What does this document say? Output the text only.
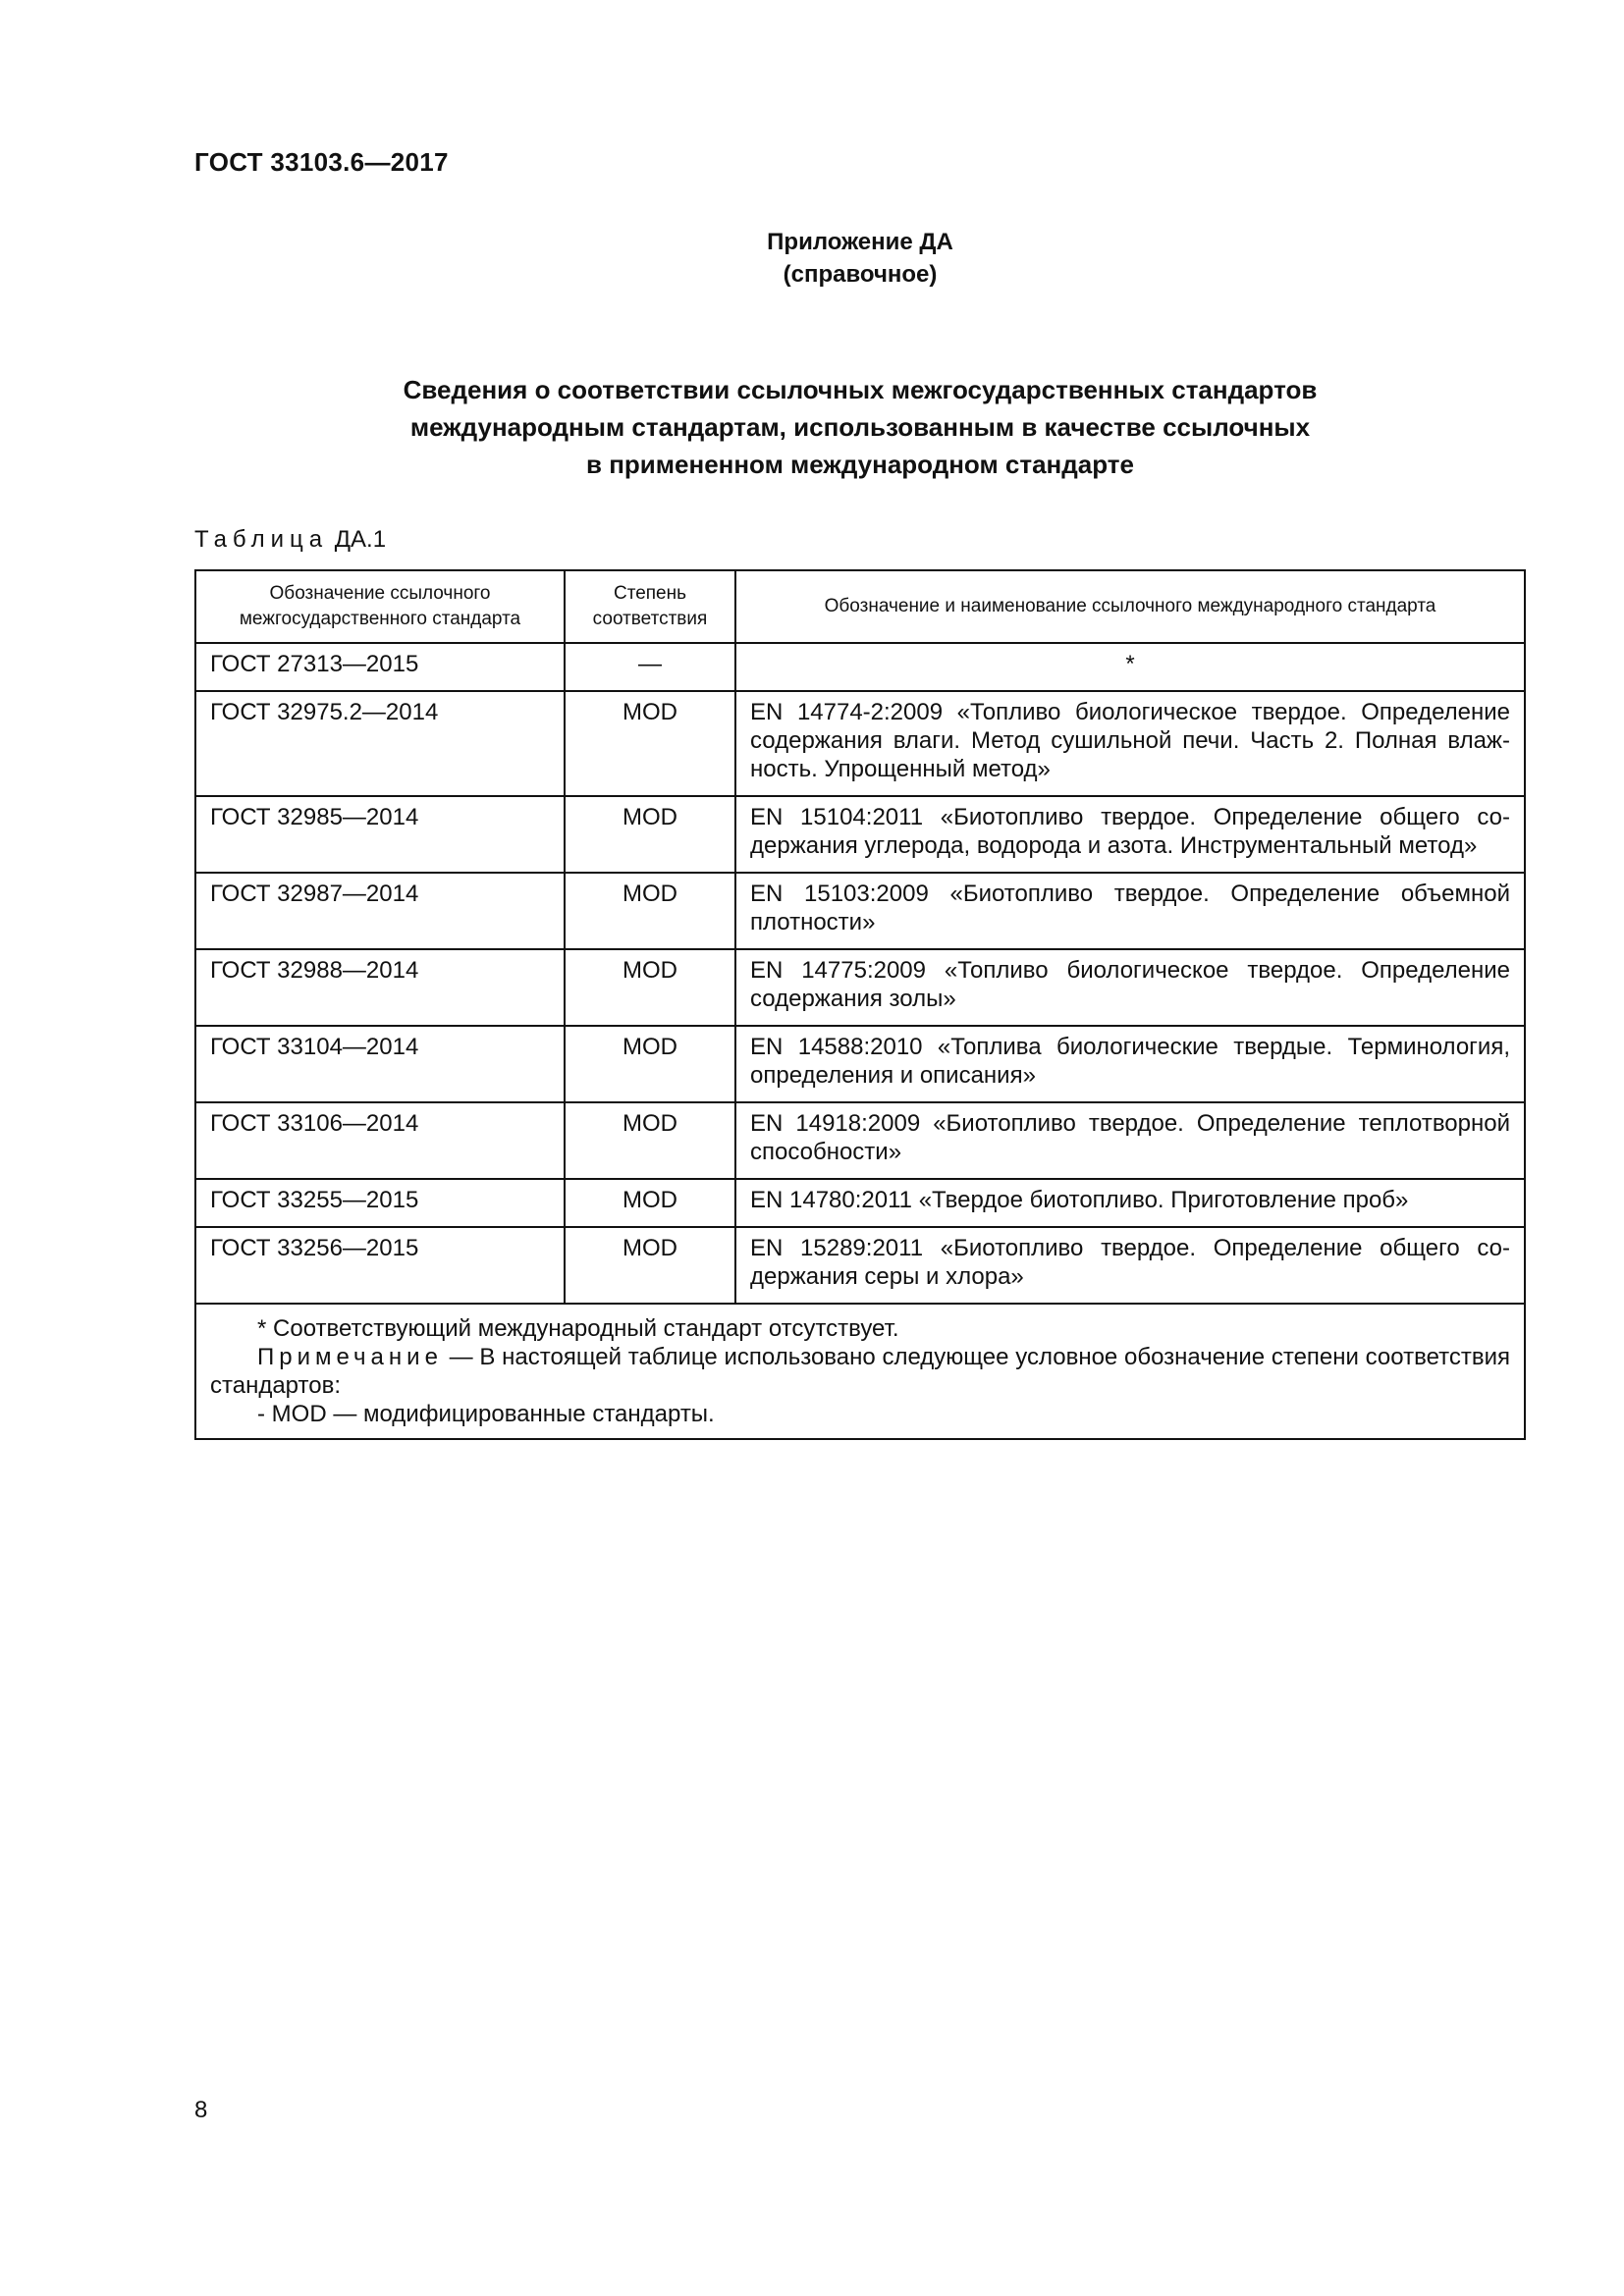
ГОСТ 33103.6—2017
Приложение ДА
(справочное)
Сведения о соответствии ссылочных межгосударственных стандартов
международным стандартам, использованным в качестве ссылочных
в примененном международном стандарте
Таблица ДА.1
Обозначение ссылочного межгосударственного стандарта	Степень соответствия	Обозначение и наименование ссылочного международного стандарта
ГОСТ 27313—2015	—	*
ГОСТ 32975.2—2014	MOD	EN 14774-2:2009 «Топливо биологическое твердое. Определение содержания влаги. Метод сушильной печи. Часть 2. Полная влажность. Упрощенный метод»
ГОСТ 32985—2014	MOD	EN 15104:2011 «Биотопливо твердое. Определение общего содержания углерода, водорода и азота. Инструментальный метод»
ГОСТ 32987—2014	MOD	EN 15103:2009 «Биотопливо твердое. Определение объемной плотности»
ГОСТ 32988—2014	MOD	EN 14775:2009 «Топливо биологическое твердое. Определение содержания золы»
ГОСТ 33104—2014	MOD	EN 14588:2010 «Топлива биологические твердые. Терминология, определения и описания»
ГОСТ 33106—2014	MOD	EN 14918:2009 «Биотопливо твердое. Определение теплотворной способности»
ГОСТ 33255—2015	MOD	EN 14780:2011 «Твердое биотопливо. Приготовление проб»
ГОСТ 33256—2015	MOD	EN 15289:2011 «Биотопливо твердое. Определение общего содержания серы и хлора»

* Соответствующий международный стандарт отсутствует.
Примечание — В настоящей таблице использовано следующее условное обозначение степени соответствия стандартов:
- MOD — модифицированные стандарты.		
8
